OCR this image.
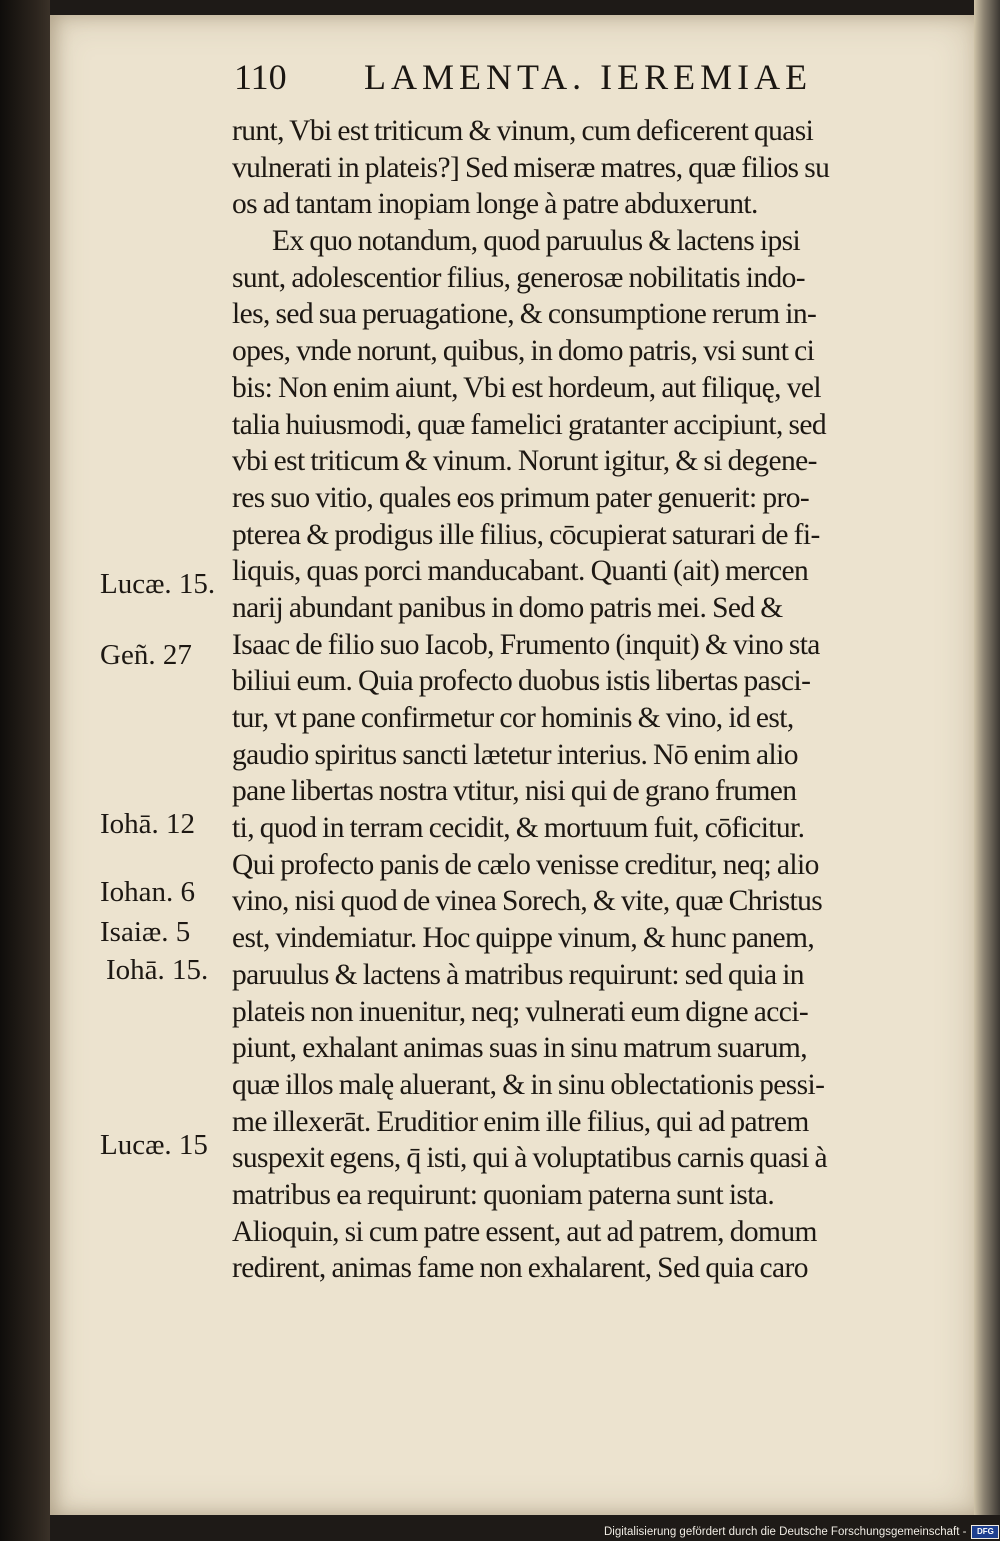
110 LAMENTA. IEREMIAE
runt, Vbi est triticum & vinum, cum deficerent quasi
vulnerati in plateis?] Sed miseræ matres, quæ filios su
os ad tantam inopiam longe à patre abduxerunt.
Ex quo notandum, quod paruulus & lactens ipsi
sunt, adolescentior filius, generosæ nobilitatis indo-
les, sed sua peruagatione, & consumptione rerum in-
opes, vnde norunt, quibus, in domo patris, vsi sunt ci
bis: Non enim aiunt, Vbi est hordeum, aut filiquę, vel
talia huiusmodi, quæ famelici gratanter accipiunt, sed
vbi est triticum & vinum. Norunt igitur, & si degene-
res suo vitio, quales eos primum pater genuerit: pro-
pterea & prodigus ille filius, cōcupierat saturari de fi-
liquis, quas porci manducabant. Quanti (ait) mercen
narij abundant panibus in domo patris mei. Sed &
Isaac de filio suo Iacob, Frumento (inquit) & vino sta
biliui eum. Quia profecto duobus istis libertas pasci-
tur, vt pane confirmetur cor hominis & vino, id est,
gaudio spiritus sancti lætetur interius. Nō enim alio
pane libertas nostra vtitur, nisi qui de grano frumen
ti, quod in terram cecidit, & mortuum fuit, cōficitur.
Qui profecto panis de cælo venisse creditur, neq; alio
vino, nisi quod de vinea Sorech, & vite, quæ Christus
est, vindemiatur. Hoc quippe vinum, & hunc panem,
paruulus & lactens à matribus requirunt: sed quia in
plateis non inuenitur, neq; vulnerati eum digne acci-
piunt, exhalant animas suas in sinu matrum suarum,
quæ illos malę aluerant, & in sinu oblectationis pessi-
me illexerāt. Eruditior enim ille filius, qui ad patrem
suspexit egens, q̄ isti, qui à voluptatibus carnis quasi à
matribus ea requirunt: quoniam paterna sunt ista.
Alioquin, si cum patre essent, aut ad patrem, domum
redirent, animas fame non exhalarent, Sed quia caro
Lucæ. 15.
Geñ. 27
Iohā. 12
Iohan. 6
Isaiæ. 5
Iohā. 15.
Lucæ. 15
Digitalisierung gefördert durch die Deutsche Forschungsgemeinschaft - DFG
